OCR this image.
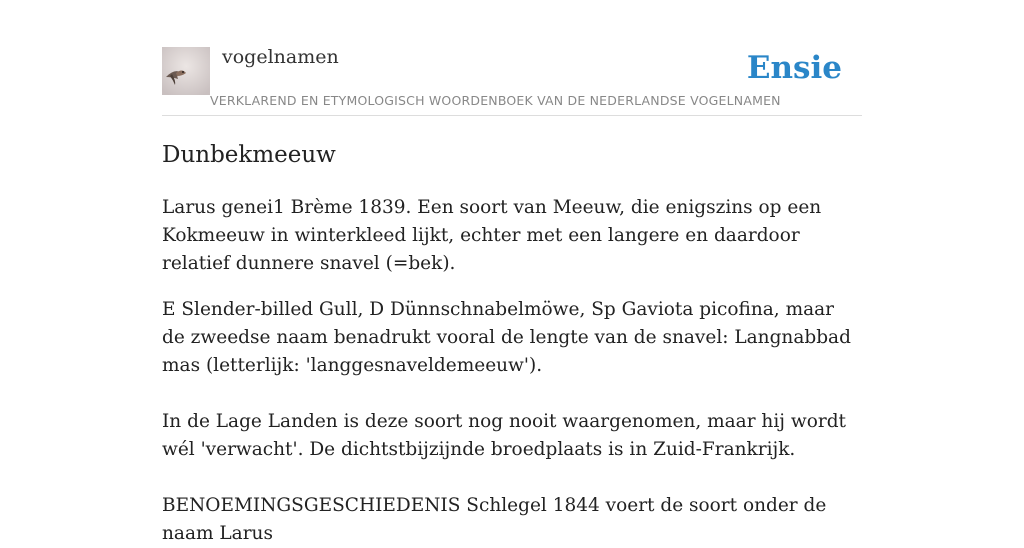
vogelnamen
VERKLAREND EN ETYMOLOGISCH WOORDENBOEK VAN DE NEDERLANDSE VOGELNAMEN
Ensie
Dunbekmeeuw

Larus genei1 Brème 1839. Een soort van Meeuw, die enigszins op een Kokmeeuw in winterkleed lijkt, echter met een langere en daardoor relatief dunnere snavel (=bek).

E Slender-billed Gull, D Dünnschnabelmöwe, Sp Gaviota picofina, maar de zweedse naam benadrukt vooral de lengte van de snavel: Langnabbad mas (letterlijk: 'langgesnaveldemeeuw').

In de Lage Landen is deze soort nog nooit waargenomen, maar hij wordt wél 'verwacht'. De dichtstbijzijnde broedplaats is in Zuid-Frankrijk.

BENOEMINGSGESCHIEDENIS Schlegel 1844 voert de soort onder de naam Larus
